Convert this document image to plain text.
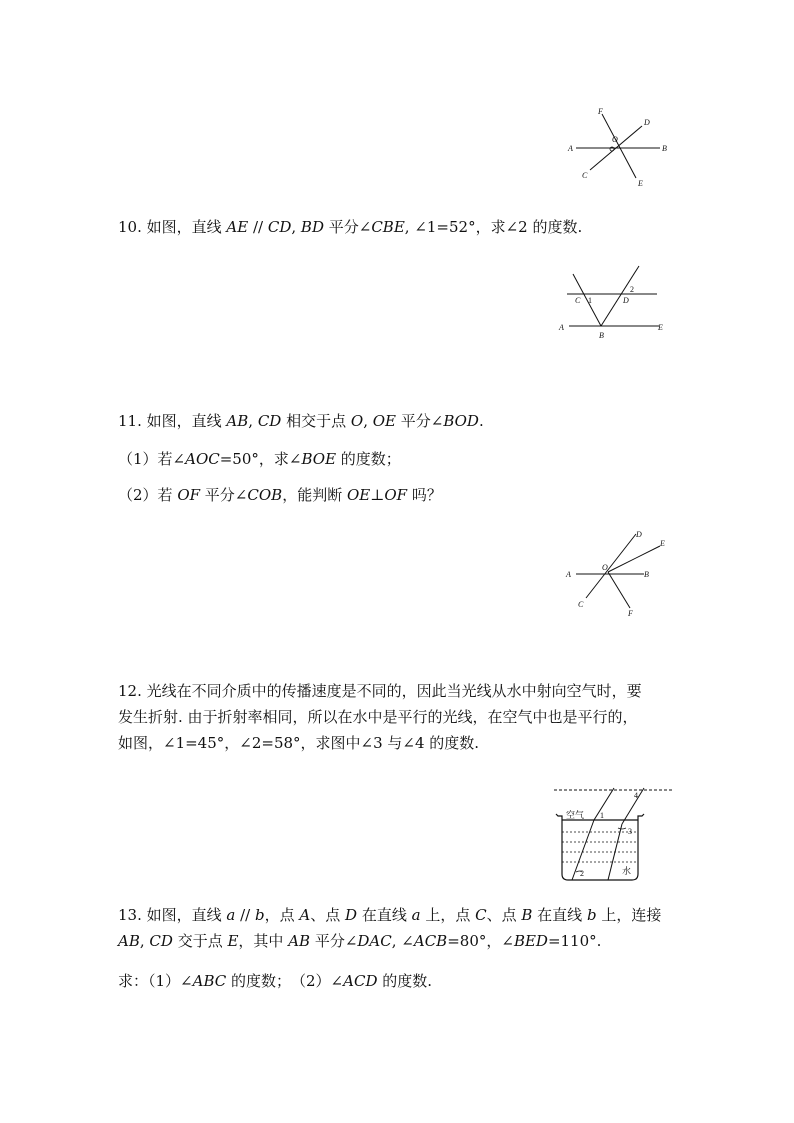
A	B
C
D
E
F
O

10. 如图，直线 AE // CD, BD 平分∠CBE, ∠1=52°，求∠2 的度数.

C 1	D
2
A
B
E

11. 如图，直线 AB, CD 相交于点 O, OE 平分∠BOD.

（1）若∠AOC=50°，求∠BOE 的度数；

（2）若 OF 平分∠COB，能判断 OE⊥OF 吗？

A	B
C
D
E
F
O

12. 光线在不同介质中的传播速度是不同的，因此当光线从水中射向空气时，要

发生折射. 由于折射率相同，所以在水中是平行的光线，在空气中也是平行的，

如图，∠1=45°，∠2=58°，求图中∠3 与∠4 的度数.

空气 1
2
3
4
水

13. 如图，直线 a // b，点 A、点 D 在直线 a 上，点 C、点 B 在直线 b 上，连接

AB, CD 交于点 E，其中 AB 平分∠DAC, ∠ACB=80°，∠BED=110°.

求：（1）∠ABC 的度数；　（2）∠ACD 的度数.
